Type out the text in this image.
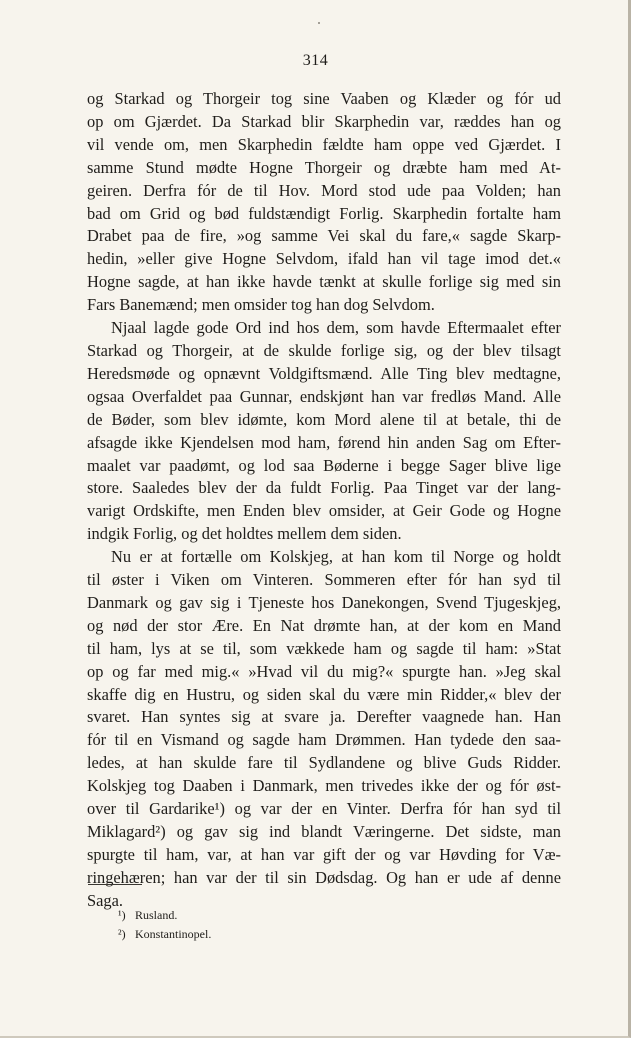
314
og Starkad og Thorgeir tog sine Vaaben og Klæder og fór ud
op om Gjærdet. Da Starkad blir Skarphedin var, ræddes han og
vil vende om, men Skarphedin fældte ham oppe ved Gjærdet. I
samme Stund mødte Hogne Thorgeir og dræbte ham med At-
geiren. Derfra fór de til Hov. Mord stod ude paa Volden; han
bad om Grid og bød fuldstændigt Forlig. Skarphedin fortalte ham
Drabet paa de fire, »og samme Vei skal du fare,« sagde Skarp-
hedin, »eller give Hogne Selvdom, ifald han vil tage imod det.«
Hogne sagde, at han ikke havde tænkt at skulle forlige sig med sin
Fars Banemænd; men omsider tog han dog Selvdom.
Njaal lagde gode Ord ind hos dem, som havde Eftermaalet efter
Starkad og Thorgeir, at de skulde forlige sig, og der blev tilsagt
Heredsmøde og opnævnt Voldgiftsmænd. Alle Ting blev medtagne,
ogsaa Overfaldet paa Gunnar, endskjønt han var fredløs Mand. Alle
de Bøder, som blev idømte, kom Mord alene til at betale, thi de
afsagde ikke Kjendelsen mod ham, førend hin anden Sag om Efter-
maalet var paadømt, og lod saa Bøderne i begge Sager blive lige
store. Saaledes blev der da fuldt Forlig. Paa Tinget var der lang-
varigt Ordskifte, men Enden blev omsider, at Geir Gode og Hogne
indgik Forlig, og det holdtes mellem dem siden.
Nu er at fortælle om Kolskjeg, at han kom til Norge og holdt
til øster i Viken om Vinteren. Sommeren efter fór han syd til
Danmark og gav sig i Tjeneste hos Danekongen, Svend Tjugeskjeg,
og nød der stor Ære. En Nat drømte han, at der kom en Mand
til ham, lys at se til, som vækkede ham og sagde til ham: »Stat
op og far med mig.« »Hvad vil du mig?« spurgte han. »Jeg skal
skaffe dig en Hustru, og siden skal du være min Ridder,« blev der
svaret. Han syntes sig at svare ja. Derefter vaagnede han. Han
fór til en Vismand og sagde ham Drømmen. Han tydede den saa-
ledes, at han skulde fare til Sydlandene og blive Guds Ridder.
Kolskjeg tog Daaben i Danmark, men trivedes ikke der og fór øst-
over til Gardarike¹) og var der en Vinter. Derfra fór han syd til
Miklagard²) og gav sig ind blandt Væringerne. Det sidste, man
spurgte til ham, var, at han var gift der og var Høvding for Væ-
ringehæren; han var der til sin Dødsdag. Og han er ude af denne
Saga.
¹) Rusland.
²) Konstantinopel.
